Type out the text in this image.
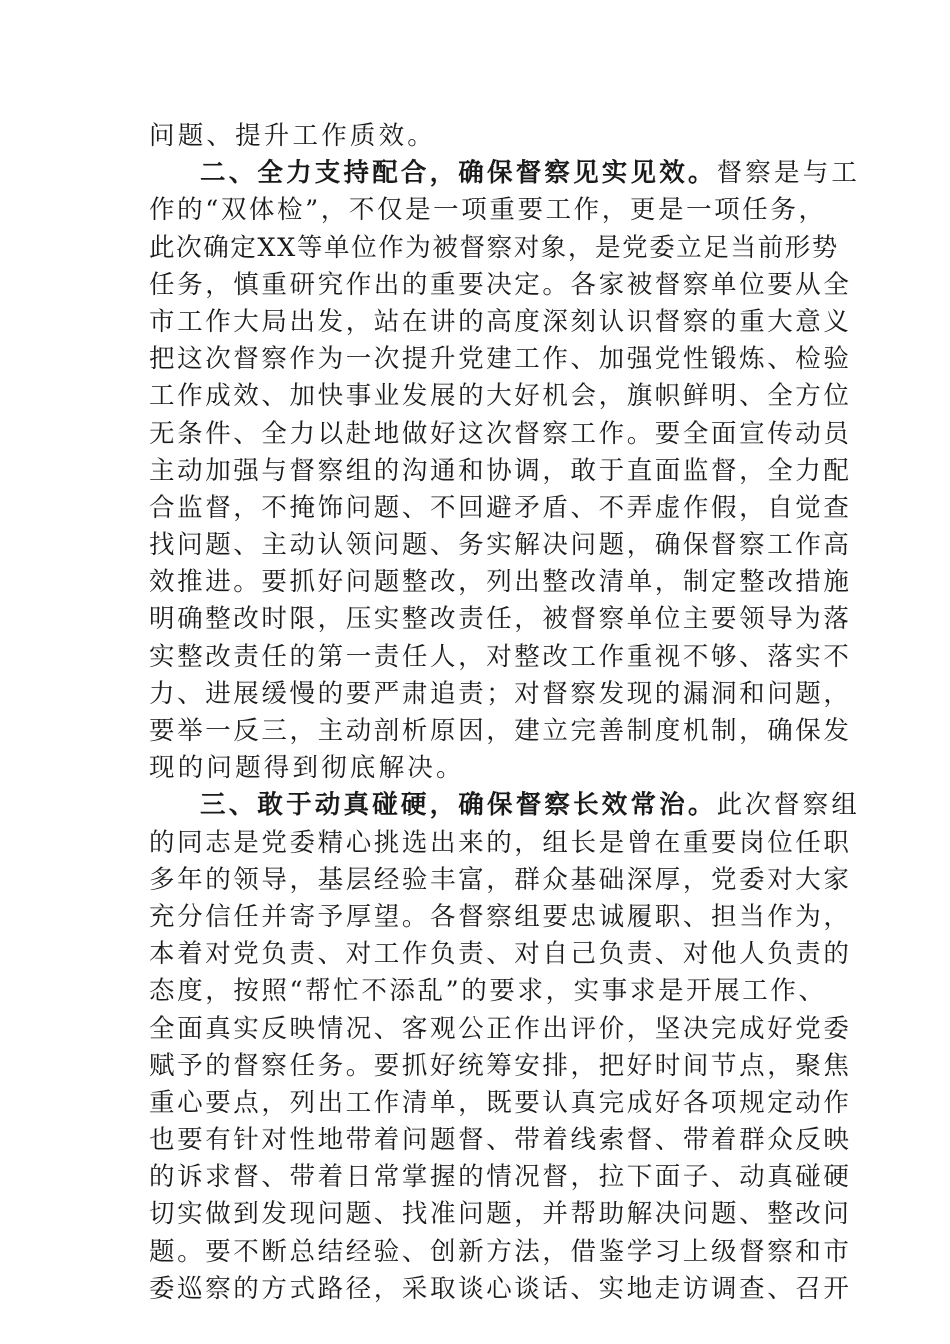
问题、提升工作质效。
二、全力支持配合，确保督察见实见效。督察是与工
作的“双体检”，不仅是一项重要工作，更是一项任务，
此次确定XX等单位作为被督察对象，是党委立足当前形势
任务，慎重研究作出的重要决定。各家被督察单位要从全
市工作大局出发，站在讲的高度深刻认识督察的重大意义
把这次督察作为一次提升党建工作、加强党性锻炼、检验
工作成效、加快事业发展的大好机会，旗帜鲜明、全方位
无条件、全力以赴地做好这次督察工作。要全面宣传动员
主动加强与督察组的沟通和协调，敢于直面监督，全力配
合监督，不掩饰问题、不回避矛盾、不弄虚作假，自觉查
找问题、主动认领问题、务实解决问题，确保督察工作高
效推进。要抓好问题整改，列出整改清单，制定整改措施
明确整改时限，压实整改责任，被督察单位主要领导为落
实整改责任的第一责任人，对整改工作重视不够、落实不
力、进展缓慢的要严肃追责；对督察发现的漏洞和问题，
要举一反三，主动剖析原因，建立完善制度机制，确保发
现的问题得到彻底解决。
三、敢于动真碰硬，确保督察长效常治。此次督察组
的同志是党委精心挑选出来的，组长是曾在重要岗位任职
多年的领导，基层经验丰富，群众基础深厚，党委对大家
充分信任并寄予厚望。各督察组要忠诚履职、担当作为，
本着对党负责、对工作负责、对自己负责、对他人负责的
态度，按照“帮忙不添乱”的要求，实事求是开展工作、
全面真实反映情况、客观公正作出评价，坚决完成好党委
赋予的督察任务。要抓好统筹安排，把好时间节点，聚焦
重心要点，列出工作清单，既要认真完成好各项规定动作
也要有针对性地带着问题督、带着线索督、带着群众反映
的诉求督、带着日常掌握的情况督，拉下面子、动真碰硬
切实做到发现问题、找准问题，并帮助解决问题、整改问
题。要不断总结经验、创新方法，借鉴学习上级督察和市
委巡察的方式路径，采取谈心谈话、实地走访调查、召开
